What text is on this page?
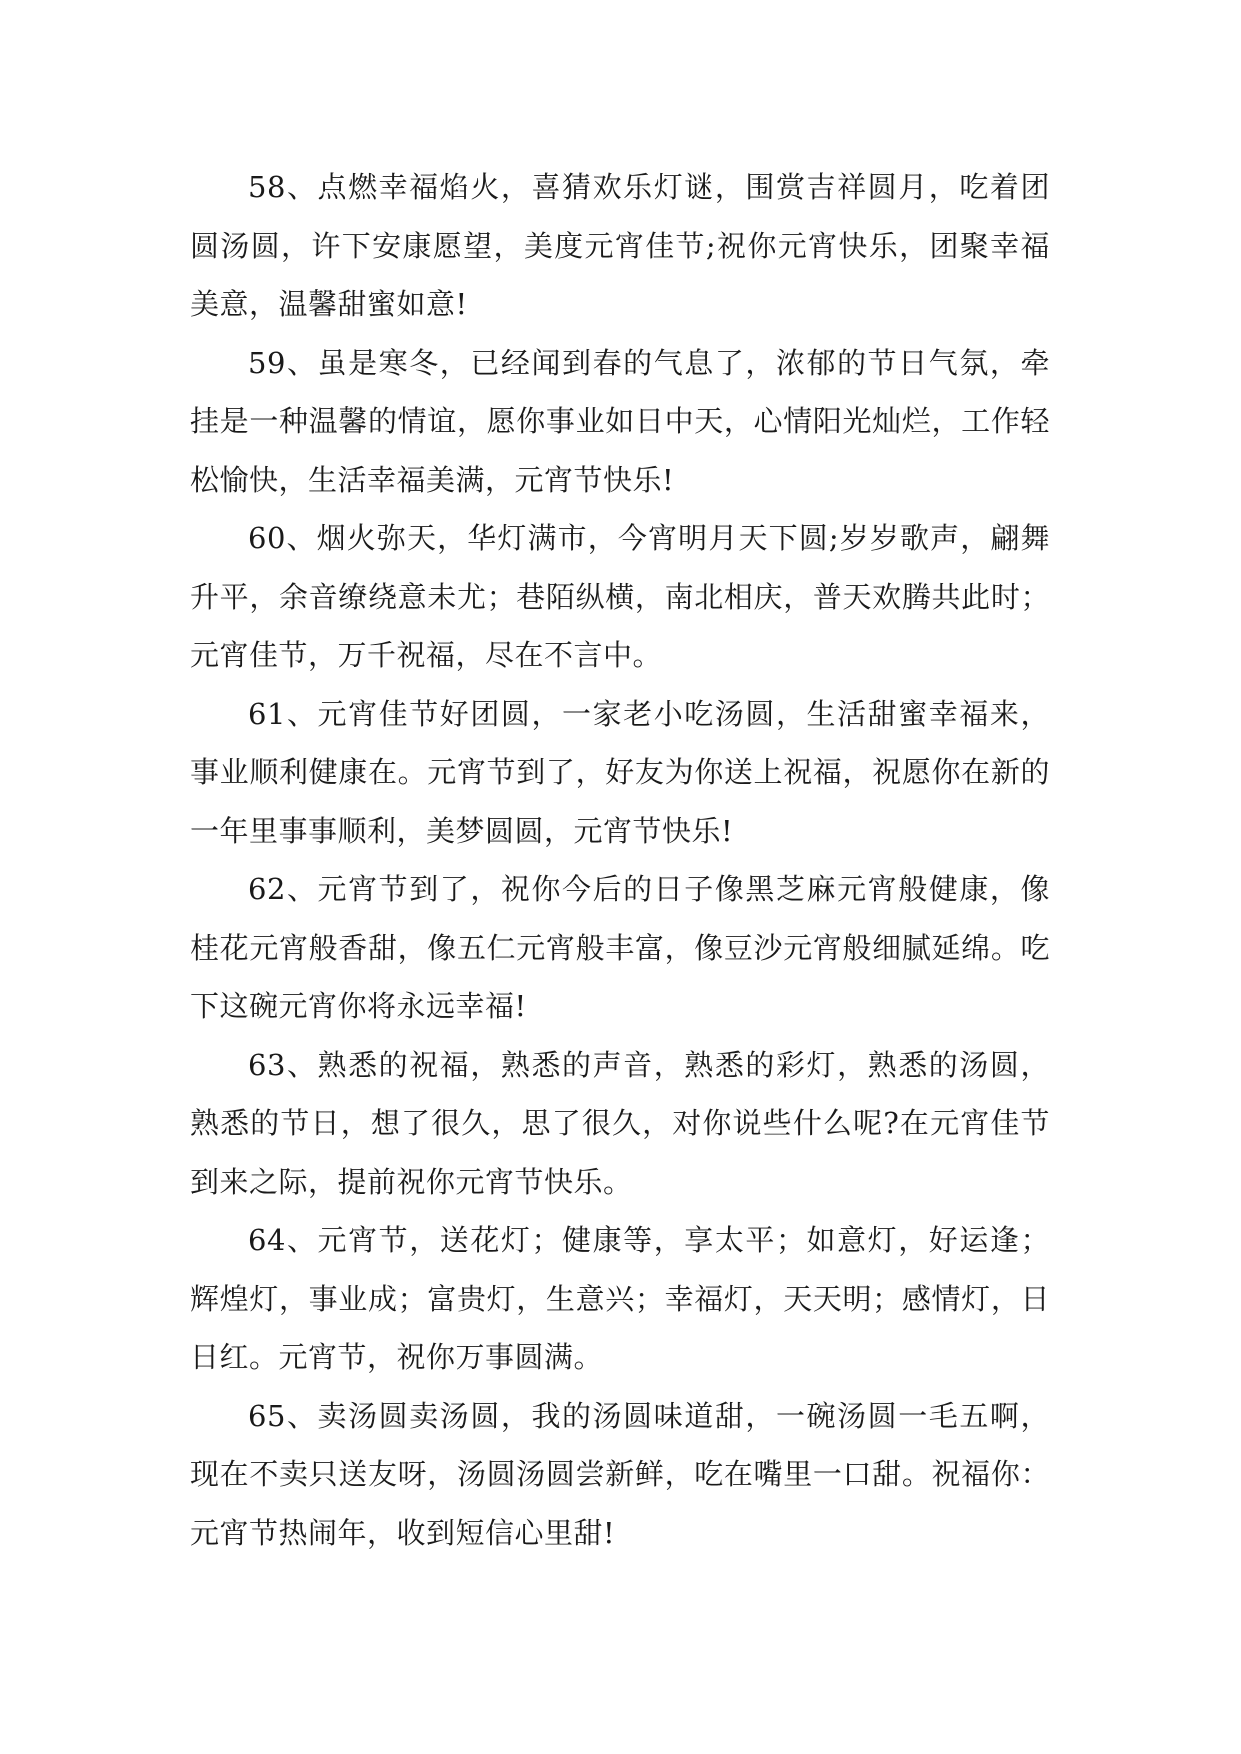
58、点燃幸福焰火，喜猜欢乐灯谜，围赏吉祥圆月，吃着团圆汤圆，许下安康愿望，美度元宵佳节;祝你元宵快乐，团聚幸福美意，温馨甜蜜如意!

59、虽是寒冬，已经闻到春的气息了，浓郁的节日气氛，牵挂是一种温馨的情谊，愿你事业如日中天，心情阳光灿烂，工作轻松愉快，生活幸福美满，元宵节快乐!

60、烟火弥天，华灯满市，今宵明月天下圆;岁岁歌声，翩舞升平，余音缭绕意未尤；巷陌纵横，南北相庆，普天欢腾共此时；元宵佳节，万千祝福，尽在不言中。

61、元宵佳节好团圆，一家老小吃汤圆，生活甜蜜幸福来，事业顺利健康在。元宵节到了，好友为你送上祝福，祝愿你在新的一年里事事顺利，美梦圆圆，元宵节快乐!

62、元宵节到了，祝你今后的日子像黑芝麻元宵般健康，像桂花元宵般香甜，像五仁元宵般丰富，像豆沙元宵般细腻延绵。吃下这碗元宵你将永远幸福!

63、熟悉的祝福，熟悉的声音，熟悉的彩灯，熟悉的汤圆，熟悉的节日，想了很久，思了很久，对你说些什么呢?在元宵佳节到来之际，提前祝你元宵节快乐。

64、元宵节，送花灯；健康等，享太平；如意灯，好运逢；辉煌灯，事业成；富贵灯，生意兴；幸福灯，天天明；感情灯，日日红。元宵节，祝你万事圆满。

65、卖汤圆卖汤圆，我的汤圆味道甜，一碗汤圆一毛五啊，现在不卖只送友呀，汤圆汤圆尝新鲜，吃在嘴里一口甜。祝福你：元宵节热闹年，收到短信心里甜!
